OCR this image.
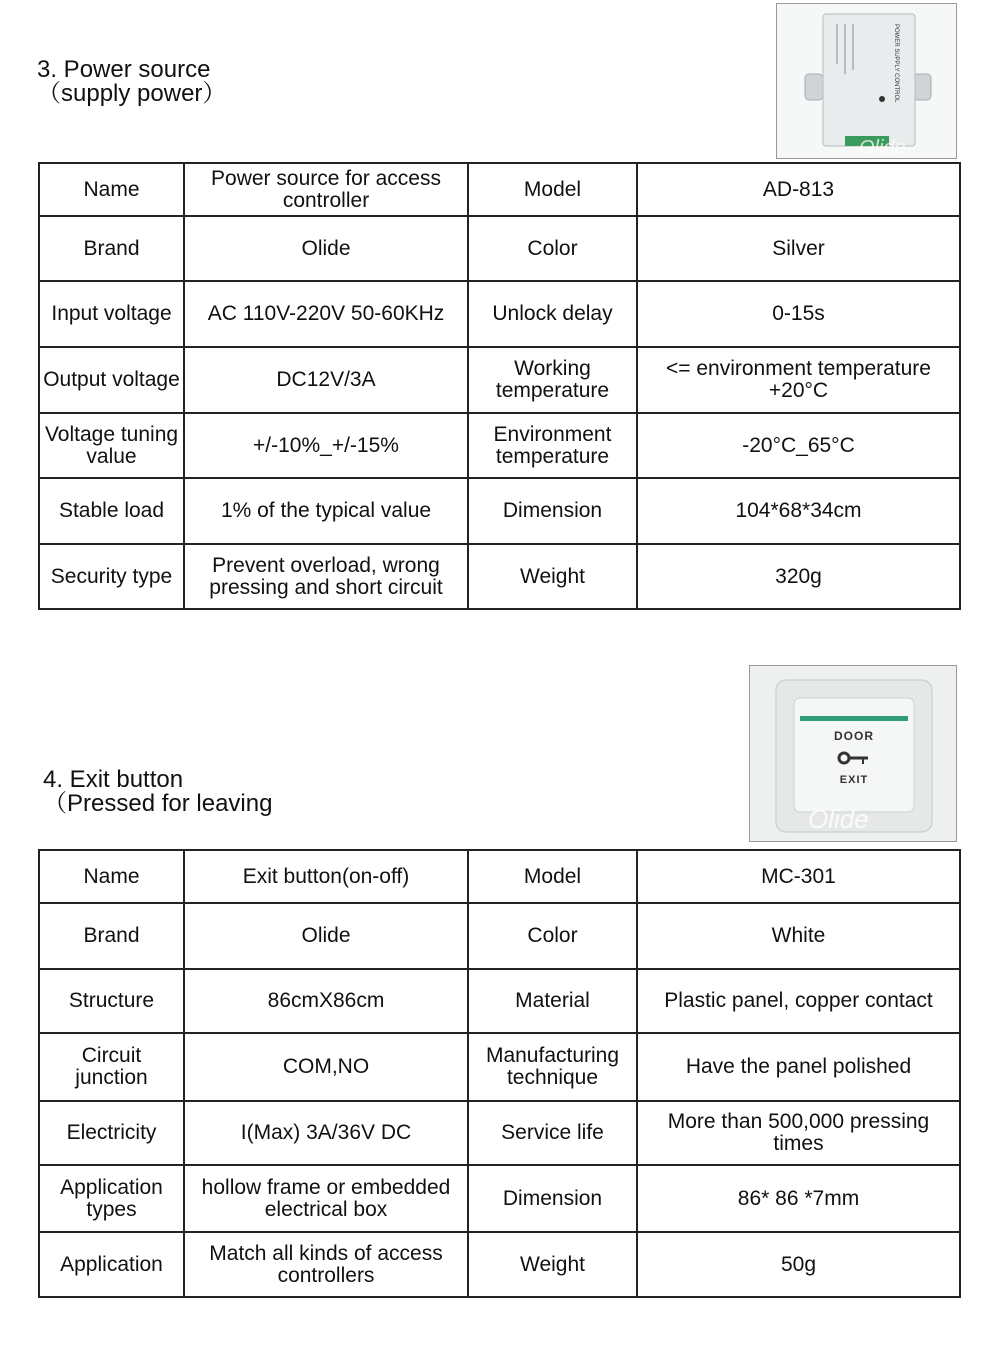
3. Power source
（supply power）	POWER SUPPLY CONTROL
Olide
Name	Power source for access controller	Model	AD-813
Brand	Olide	Color	Silver
Input voltage	AC 110V-220V 50-60KHz	Unlock delay	0-15s
Output voltage	DC12V/3A	Working temperature	<= environment temperature +20°C
Voltage tuning value	+/-10%_+/-15%	Environment temperature	-20°C_65°C
Stable load	1% of the typical value	Dimension	104*68*34cm
Security type	Prevent overload, wrong pressing and short circuit	Weight	320g
DOOR
EXIT
Olide
4. Exit button
（Pressed for leaving
Name	Exit button(on-off)	Model	MC-301
Brand	Olide	Color	White
Structure	86cmX86cm	Material	Plastic panel, copper contact
Circuit junction	COM,NO	Manufacturing technique	Have the panel polished
Electricity	I(Max) 3A/36V DC	Service life	More than 500,000 pressing times
Application types	hollow frame or embedded electrical box	Dimension	86* 86 *7mm
Application	Match all kinds of access controllers	Weight	50g
